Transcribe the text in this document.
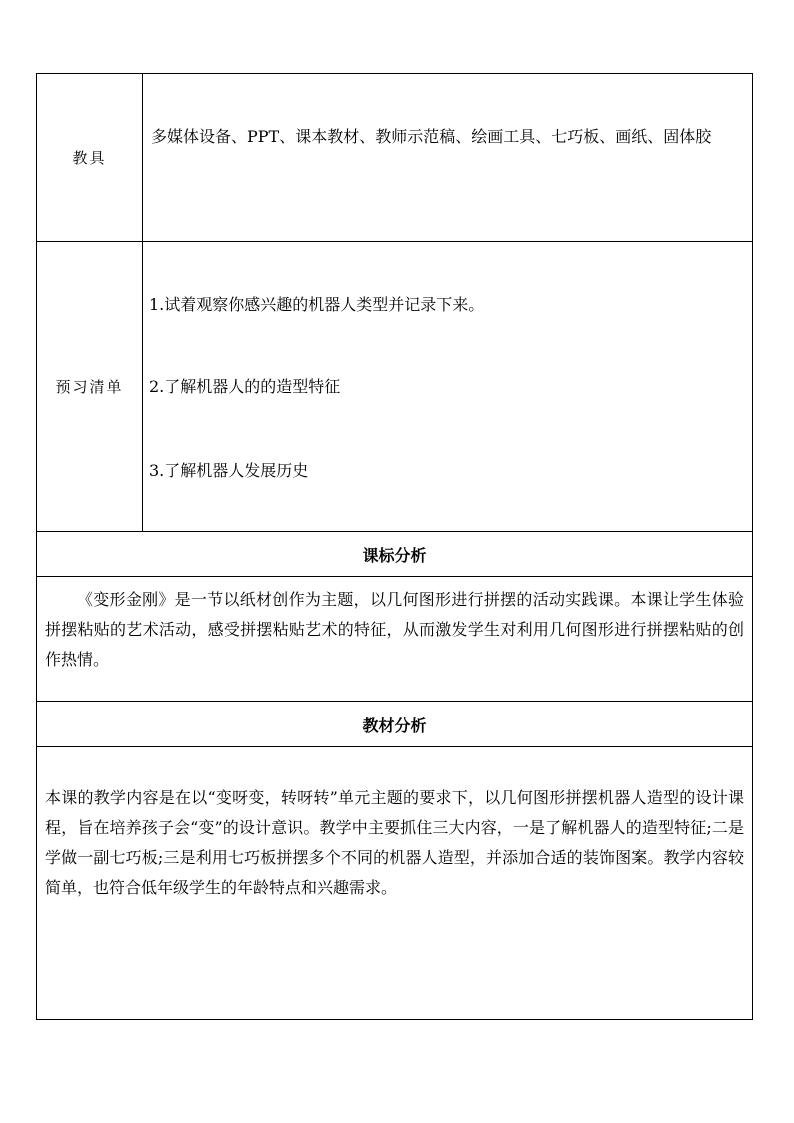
教具
多媒体设备、PPT、课本教材、教师示范稿、绘画工具、七巧板、画纸、固体胶
预习清单
1.试着观察你感兴趣的机器人类型并记录下来。
2.了解机器人的的造型特征
3.了解机器人发展历史
课标分析
《变形金刚》是一节以纸材创作为主题，以几何图形进行拼摆的活动实践课。本课让学生体验拼摆粘贴的艺术活动，感受拼摆粘贴艺术的特征，从而激发学生对利用几何图形进行拼摆粘贴的创作热情。
教材分析
本课的教学内容是在以“变呀变，转呀转”单元主题的要求下，以几何图形拼摆机器人造型的设计课程，旨在培养孩子会“变”的设计意识。教学中主要抓住三大内容，一是了解机器人的造型特征;二是学做一副七巧板;三是利用七巧板拼摆多个不同的机器人造型，并添加合适的装饰图案。教学内容较简单，也符合低年级学生的年龄特点和兴趣需求。
